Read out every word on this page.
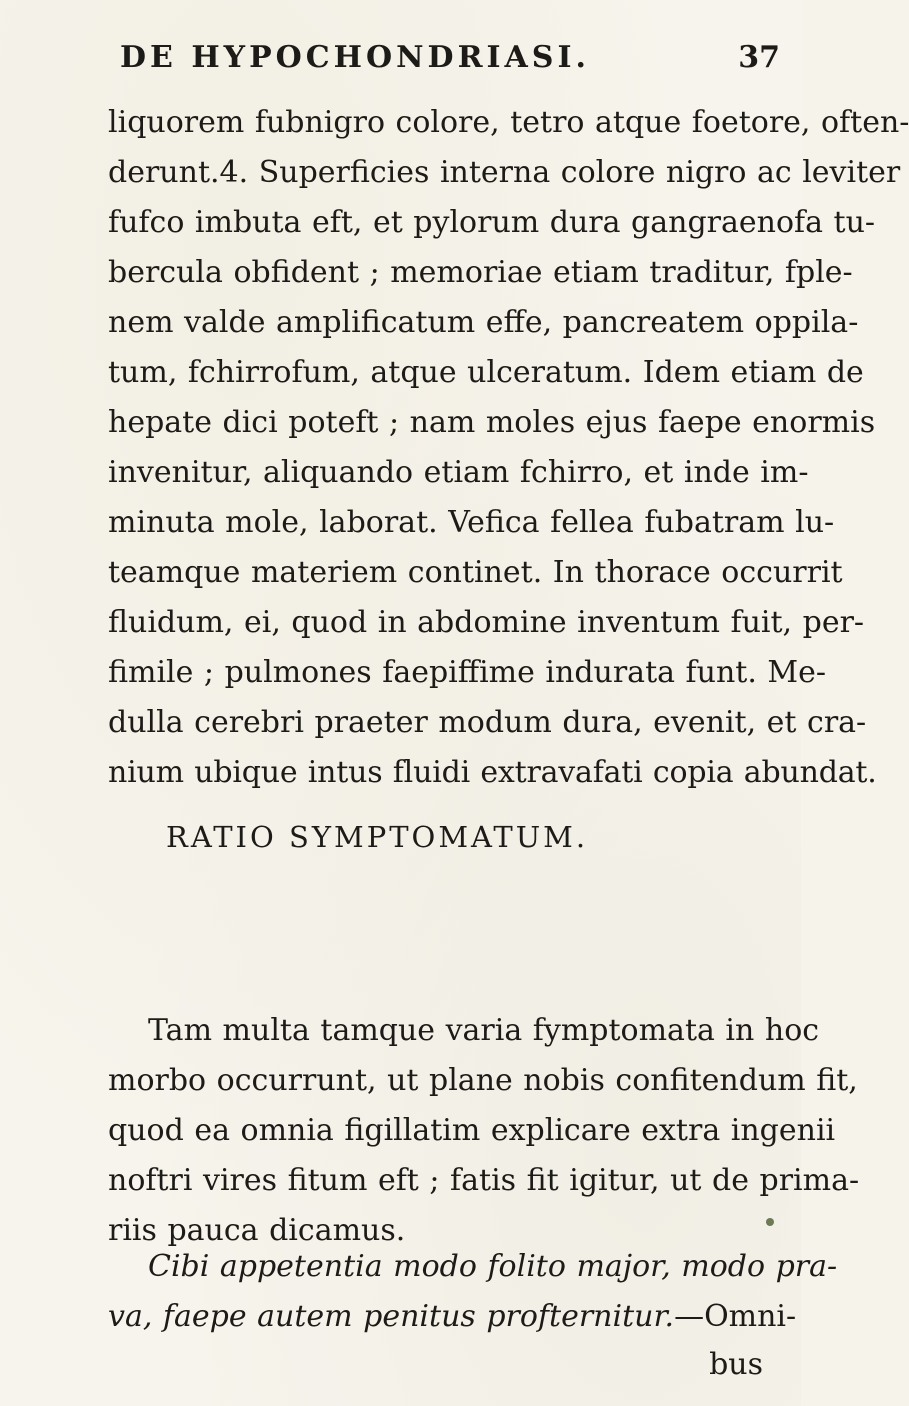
DE HYPOCHONDRIASI.	37
liquorem fubnigro colore, tetro atque foetore, often-
derunt.4. Superficies interna colore nigro ac leviter
fufco imbuta eft, et pylorum dura gangraenofa tu-
bercula obfident ; memoriae etiam traditur, fple-
nem valde amplificatum effe, pancreatem oppila-
tum, fchirrofum, atque ulceratum. Idem etiam de
hepate dici poteft ; nam moles ejus faepe enormis
invenitur, aliquando etiam fchirro, et inde im-
minuta mole, laborat. Vefica fellea fubatram lu-
teamque materiem continet. In thorace occurrit
fluidum, ei, quod in abdomine inventum fuit, per-
fimile ; pulmones faepiffime indurata funt. Me-
dulla cerebri praeter modum dura, evenit, et cra-
nium ubique intus fluidi extravafati copia abundat.
RATIO SYMPTOMATUM.
Tam multa tamque varia fymptomata in hoc
morbo occurrunt, ut plane nobis confitendum fit,
quod ea omnia figillatim explicare extra ingenii
noftri vires fitum eft ; fatis fit igitur, ut de prima-
riis pauca dicamus.
Cibi appetentia modo folito major, modo pra-
va, faepe autem penitus profternitur.—Omni-
bus
